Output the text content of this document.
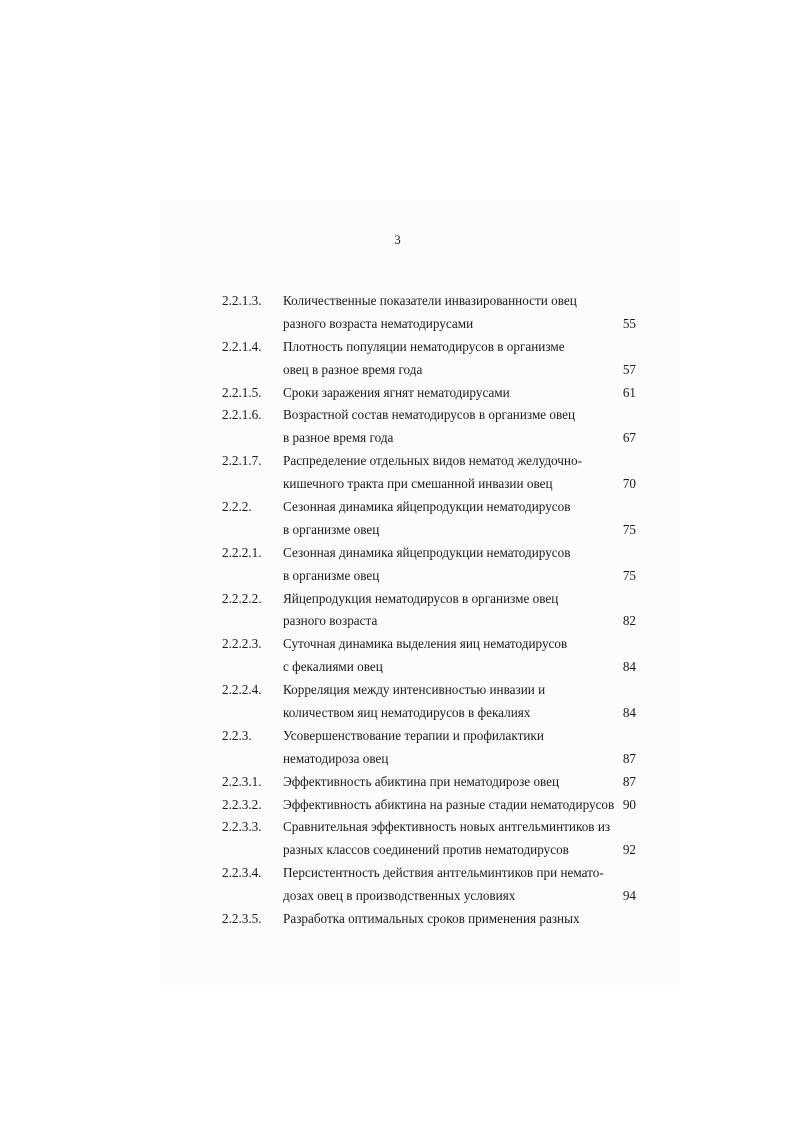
3
2.2.1.3. Количественные показатели инвазированности овец
разного возраста нематодирусами	55
2.2.1.4. Плотность популяции нематодирусов в организме
овец в разное время года	57
2.2.1.5. Сроки заражения ягнят нематодирусами	61
2.2.1.6. Возрастной состав нематодирусов в организме овец
в разное время года	67
2.2.1.7. Распределение отдельных видов нематод желудочно-
кишечного тракта при смешанной инвазии овец	70
2.2.2. Сезонная динамика яйцепродукции нематодирусов
в организме овец	75
2.2.2.1. Сезонная динамика яйцепродукции нематодирусов
в организме овец	75
2.2.2.2. Яйцепродукция нематодирусов в организме овец
разного возраста	82
2.2.2.3. Суточная динамика выделения яиц нематодирусов
с фекалиями овец	84
2.2.2.4. Корреляция между интенсивностью инвазии и
количеством яиц нематодирусов в фекалиях	84
2.2.3. Усовершенствование терапии и профилактики
нематодироза овец	87
2.2.3.1. Эффективность абиктина при нематодирозе овец	87
2.2.3.2. Эффективность абиктина на разные стадии нематодирусов 90
2.2.3.3. Сравнительная эффективность новых антгельминтиков из
разных классов соединений против нематодирусов	92
2.2.3.4. Персистентность действия антгельминтиков при немато-
дозах овец в производственных условиях	94
2.2.3.5. Разработка оптимальных сроков применения разных
